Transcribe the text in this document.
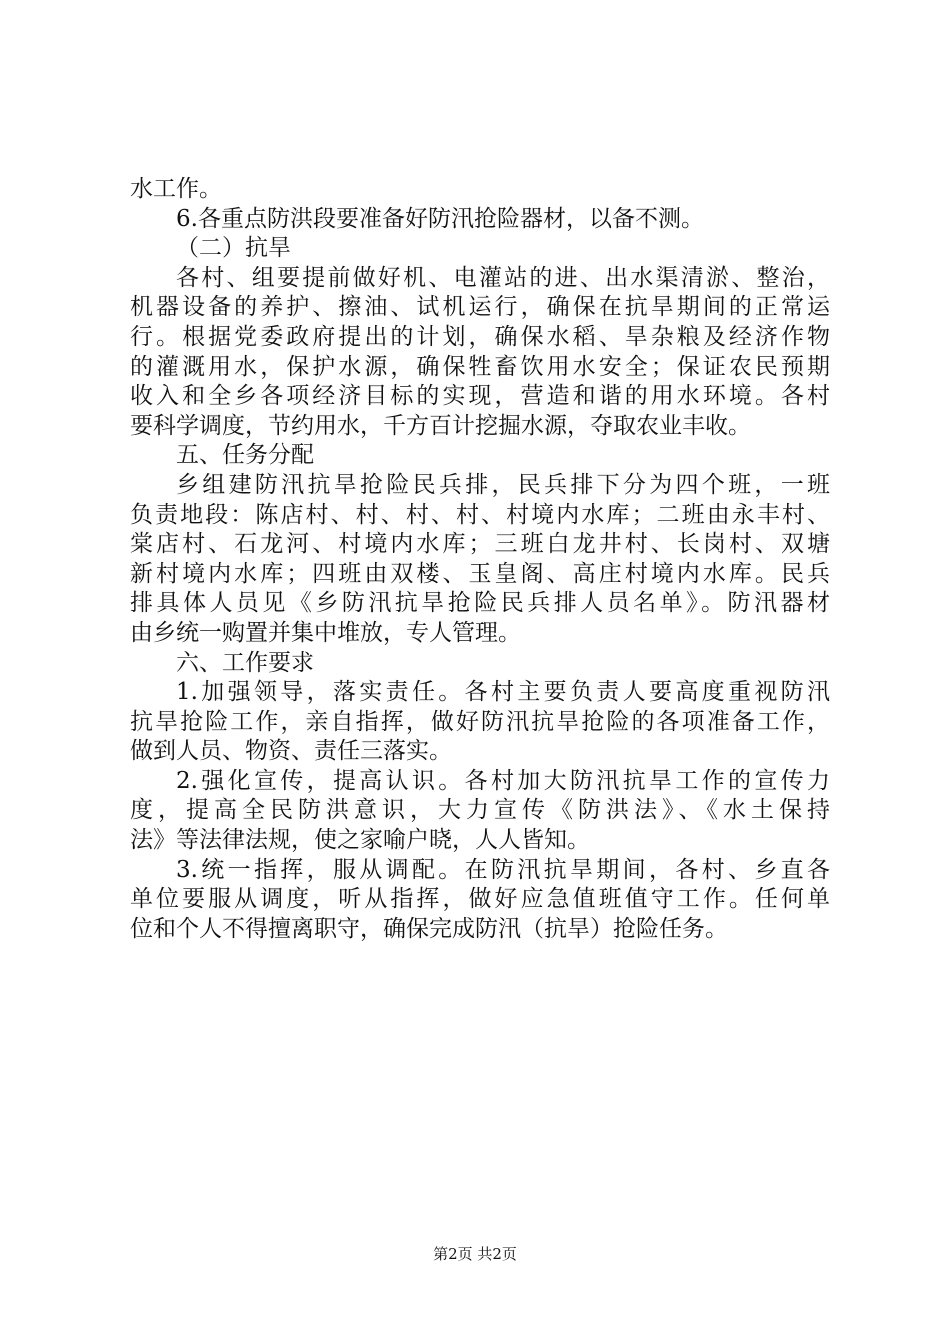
水工作。
6.各重点防洪段要准备好防汛抢险器材，以备不测。
（二）抗旱
各村、组要提前做好机、电灌站的进、出水渠清淤、整治，
机器设备的养护、擦油、试机运行，确保在抗旱期间的正常运
行。根据党委政府提出的计划，确保水稻、旱杂粮及经济作物
的灌溉用水，保护水源，确保牲畜饮用水安全；保证农民预期
收入和全乡各项经济目标的实现，营造和谐的用水环境。各村
要科学调度，节约用水，千方百计挖掘水源，夺取农业丰收。
五、任务分配
乡组建防汛抗旱抢险民兵排，民兵排下分为四个班，一班
负责地段：陈店村、村、村、村、村境内水库；二班由永丰村、
棠店村、石龙河、村境内水库；三班白龙井村、长岗村、双塘
新村境内水库；四班由双楼、玉皇阁、高庄村境内水库。民兵
排具体人员见《乡防汛抗旱抢险民兵排人员名单》。防汛器材
由乡统一购置并集中堆放，专人管理。
六、工作要求
1.加强领导，落实责任。各村主要负责人要高度重视防汛
抗旱抢险工作，亲自指挥，做好防汛抗旱抢险的各项准备工作，
做到人员、物资、责任三落实。
2.强化宣传，提高认识。各村加大防汛抗旱工作的宣传力
度，提高全民防洪意识，大力宣传《防洪法》、《水土保持
法》等法律法规，使之家喻户晓，人人皆知。
3.统一指挥，服从调配。在防汛抗旱期间，各村、乡直各
单位要服从调度，听从指挥，做好应急值班值守工作。任何单
位和个人不得擅离职守，确保完成防汛（抗旱）抢险任务。
第2页 共2页
